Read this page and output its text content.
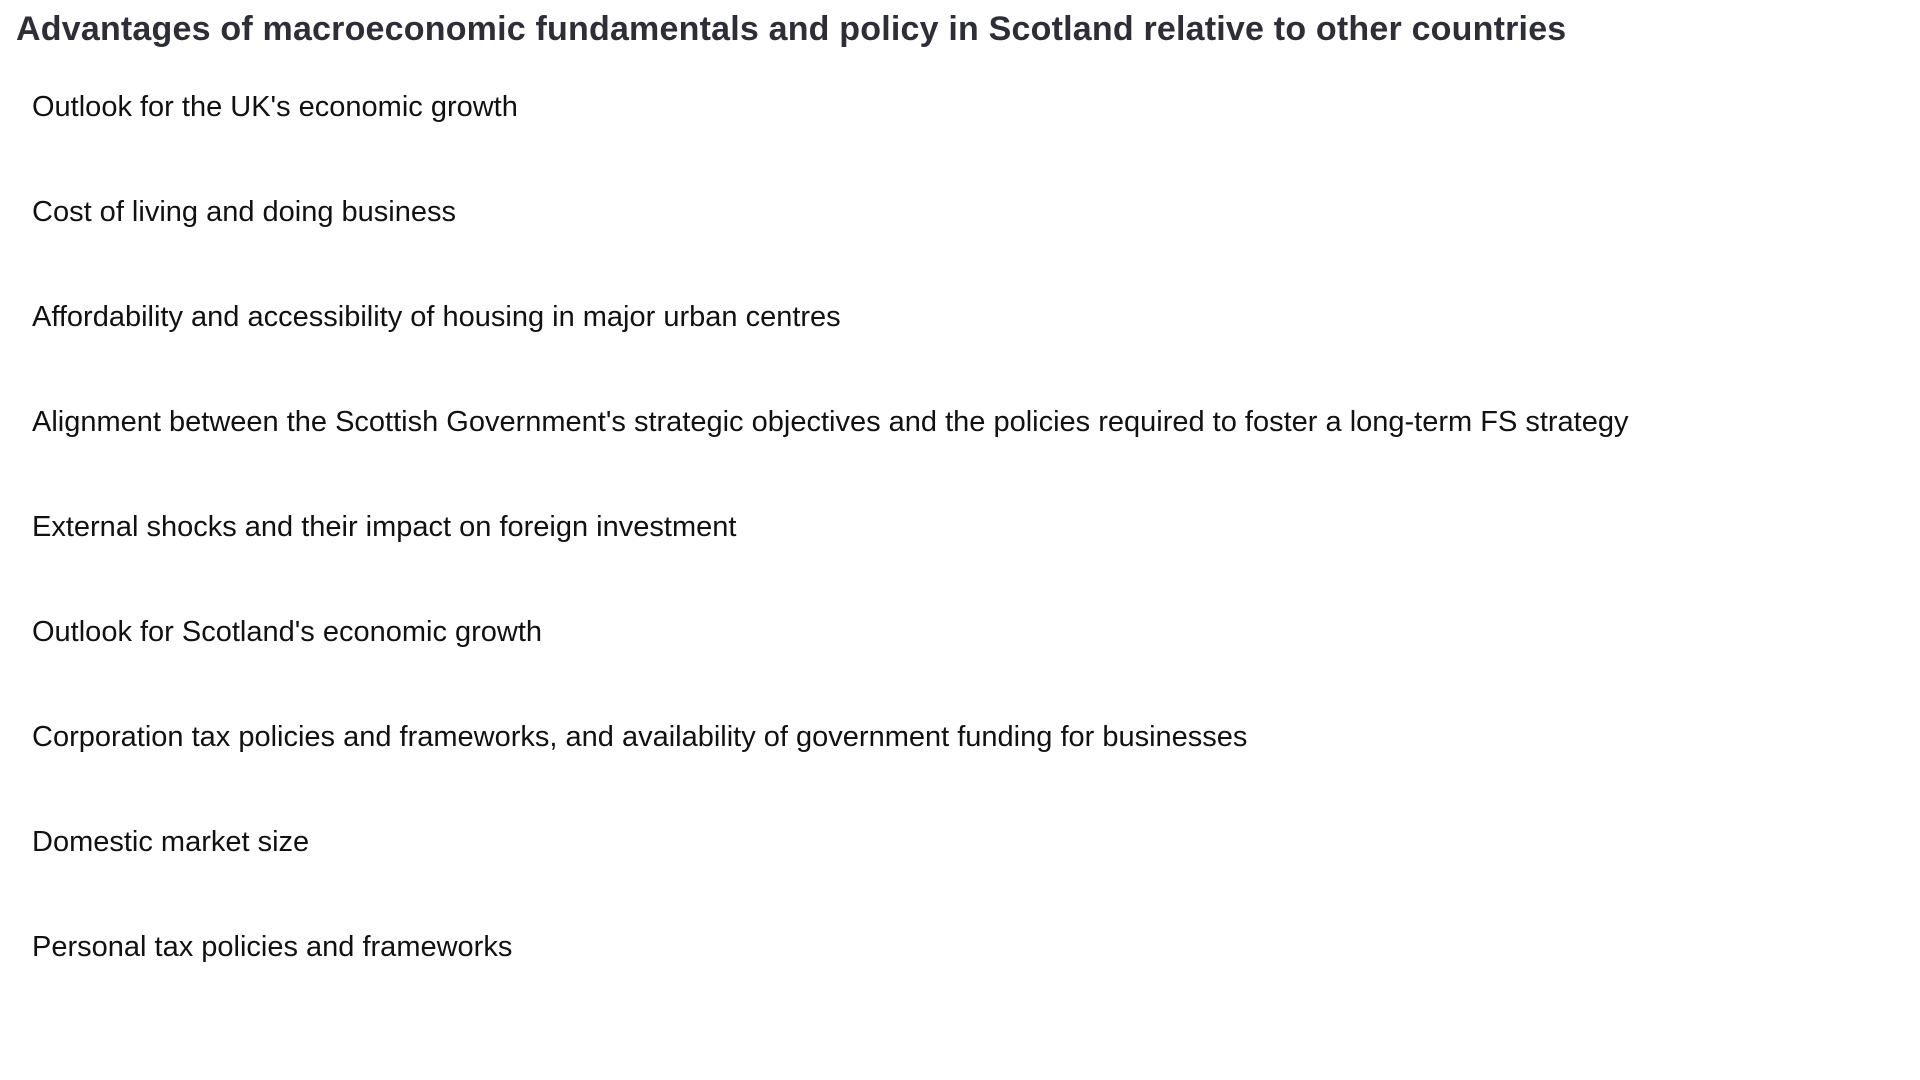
Advantages of macroeconomic fundamentals and policy in Scotland relative to other countries
Outlook for the UK's economic growth
Cost of living and doing business
Affordability and accessibility of housing in major urban centres
Alignment between the Scottish Government's strategic objectives and the policies required to foster a long-term FS strategy
External shocks and their impact on foreign investment
Outlook for Scotland's economic growth
Corporation tax policies and frameworks, and availability of government funding for businesses
Domestic market size
Personal tax policies and frameworks
